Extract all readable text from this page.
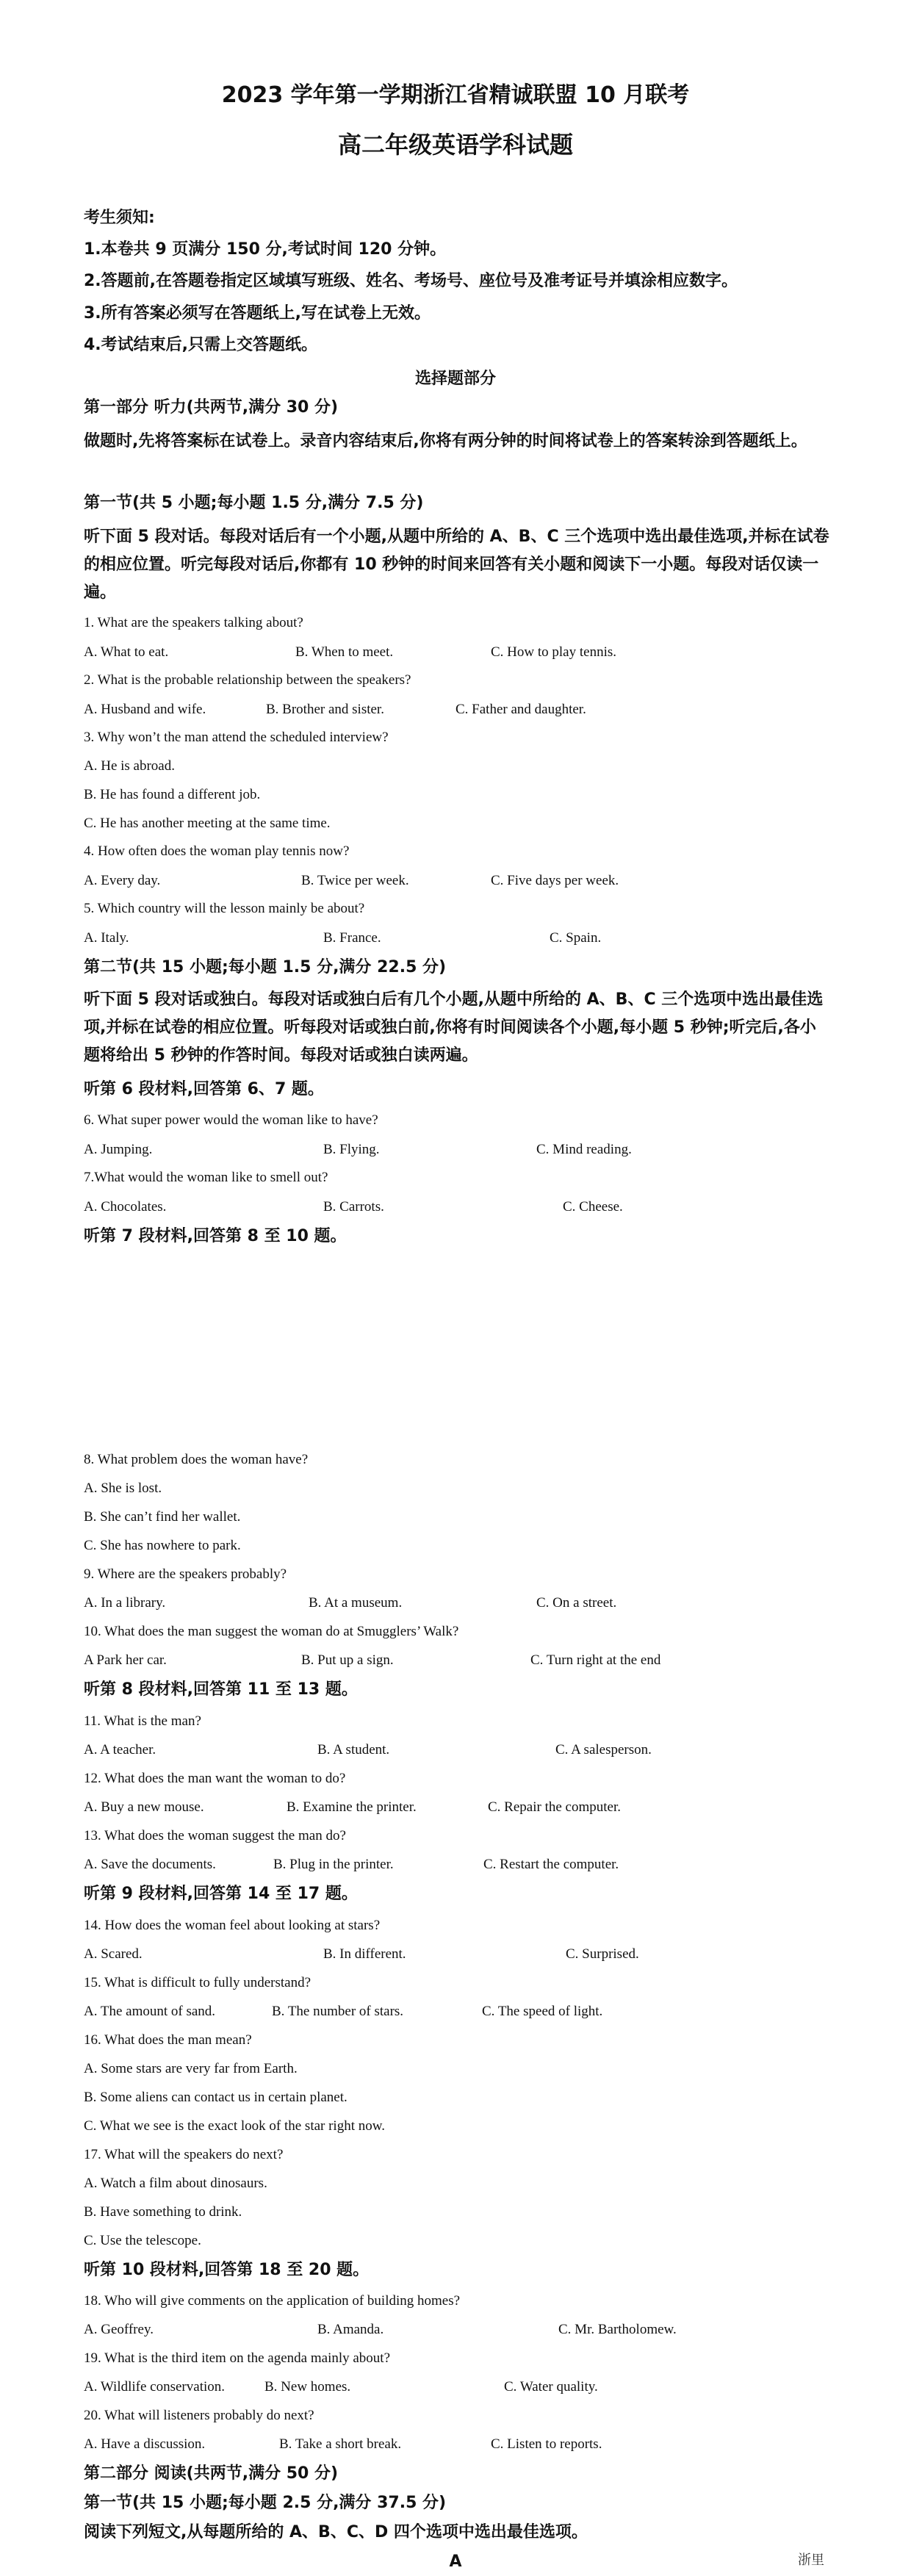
2023 学年第一学期浙江省精诚联盟 10 月联考
高二年级英语学科试题
考生须知:
1.本卷共 9 页满分 150 分,考试时间 120 分钟。
2.答题前,在答题卷指定区域填写班级、姓名、考场号、座位号及准考证号并填涂相应数字。
3.所有答案必须写在答题纸上,写在试卷上无效。
4.考试结束后,只需上交答题纸。
选择题部分
第一部分 听力(共两节,满分 30 分)
做题时,先将答案标在试卷上。录音内容结束后,你将有两分钟的时间将试卷上的答案转涂到答题纸上。
第一节(共 5 小题;每小题 1.5 分,满分 7.5 分)
听下面 5 段对话。每段对话后有一个小题,从题中所给的 A、B、C 三个选项中选出最佳选项,并标在试卷的相应位置。听完每段对话后,你都有 10 秒钟的时间来回答有关小题和阅读下一小题。每段对话仅读一遍。
1. What are the speakers talking about?
A. What to eat.	B. When to meet.	C. How to play tennis.
2. What is the probable relationship between the speakers?
A. Husband and wife.	B. Brother and sister.	C. Father and daughter.
3. Why won’t the man attend the scheduled interview?
A. He is abroad.
B. He has found a different job.
C. He has another meeting at the same time.
4. How often does the woman play tennis now?
A. Every day.	B. Twice per week.	C. Five days per week.
5. Which country will the lesson mainly be about?
A. Italy.	B. France.	C. Spain.
第二节(共 15 小题;每小题 1.5 分,满分 22.5 分)
听下面 5 段对话或独白。每段对话或独白后有几个小题,从题中所给的 A、B、C 三个选项中选出最佳选项,并标在试卷的相应位置。听每段对话或独白前,你将有时间阅读各个小题,每小题 5 秒钟;听完后,各小题将给出 5 秒钟的作答时间。每段对话或独白读两遍。
听第 6 段材料,回答第 6、7 题。
6. What super power would the woman like to have?
A. Jumping.	B. Flying.	C. Mind reading.
7.What would the woman like to smell out?
A. Chocolates.	B. Carrots.	C. Cheese.
听第 7 段材料,回答第 8 至 10 题。
8. What problem does the woman have?
A. She is lost.
B. She can’t find her wallet.
C. She has nowhere to park.
9. Where are the speakers probably?
A. In a library.	B. At a museum.	C. On a street.
10. What does the man suggest the woman do at Smugglers’ Walk?
A Park her car.	B. Put up a sign.	C. Turn right at the end
听第 8 段材料,回答第 11 至 13 题。
11. What is the man?
A. A teacher.	B. A student.	C. A salesperson.
12. What does the man want the woman to do?
A. Buy a new mouse.	B. Examine the printer.	C. Repair the computer.
13. What does the woman suggest the man do?
A. Save the documents.	B. Plug in the printer.	C. Restart the computer.
听第 9 段材料,回答第 14 至 17 题。
14. How does the woman feel about looking at stars?
A. Scared.	B. In different.	C. Surprised.
15. What is difficult to fully understand?
A. The amount of sand.	B. The number of stars.	C. The speed of light.
16. What does the man mean?
A. Some stars are very far from Earth.
B. Some aliens can contact us in certain planet.
C. What we see is the exact look of the star right now.
17. What will the speakers do next?
A. Watch a film about dinosaurs.
B. Have something to drink.
C. Use the telescope.
听第 10 段材料,回答第 18 至 20 题。
18. Who will give comments on the application of building homes?
A. Geoffrey.	B. Amanda.	C. Mr. Bartholomew.
19. What is the third item on the agenda mainly about?
A. Wildlife conservation.	B. New homes.	C. Water quality.
20. What will listeners probably do next?
A. Have a discussion.	B. Take a short break.	C. Listen to reports.
第二部分 阅读(共两节,满分 50 分)
第一节(共 15 小题;每小题 2.5 分,满分 37.5 分)
阅读下列短文,从每题所给的 A、B、C、D 四个选项中选出最佳选项。
A	浙里
